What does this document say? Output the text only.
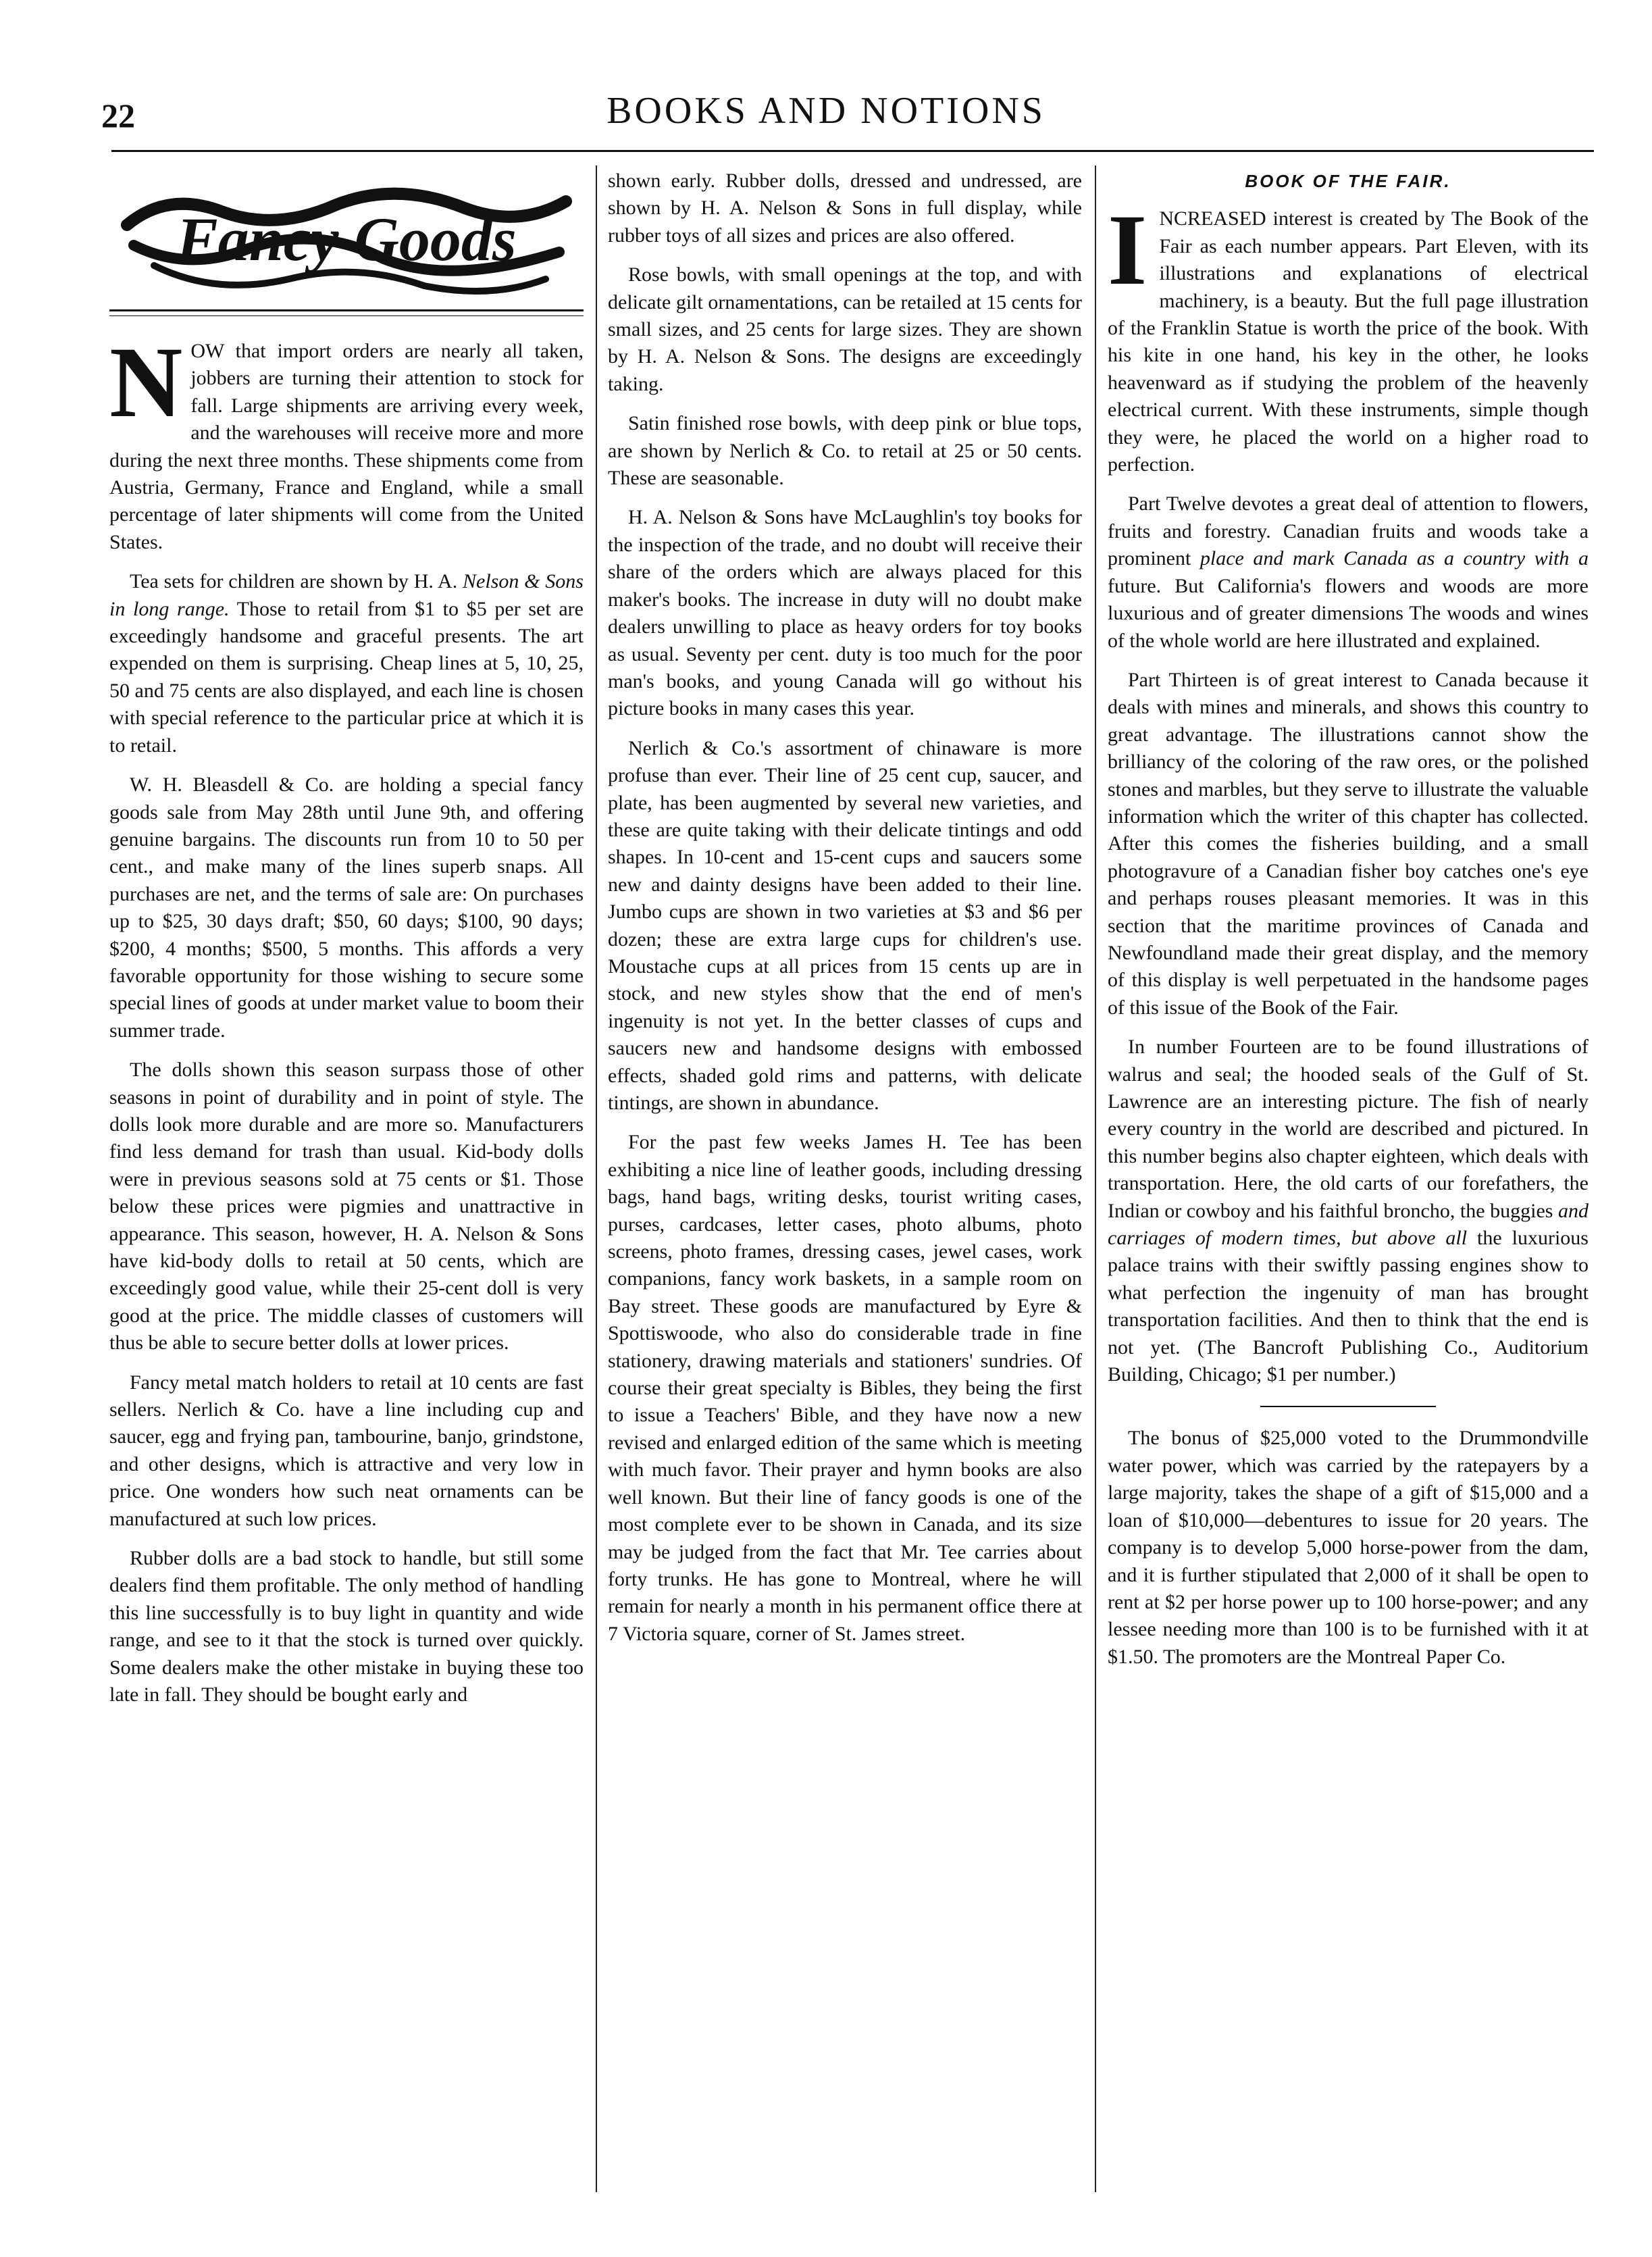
22	BOOKS AND NOTIONS
Fancy Goods

NOW that import orders are nearly all taken, jobbers are turning their attention to stock for fall. Large shipments are arriving every week, and the warehouses will receive more and more during the next three months. These shipments come from Austria, Germany, France and England, while a small percentage of later shipments will come from the United States.

Tea sets for children are shown by H. A. Nelson & Sons in long range. Those to retail from $1 to $5 per set are exceedingly handsome and graceful presents. The art expended on them is surprising. Cheap lines at 5, 10, 25, 50 and 75 cents are also displayed, and each line is chosen with special reference to the particular price at which it is to retail.

W. H. Bleasdell & Co. are holding a special fancy goods sale from May 28th until June 9th, and offering genuine bargains. The discounts run from 10 to 50 per cent., and make many of the lines superb snaps. All purchases are net, and the terms of sale are: On purchases up to $25, 30 days draft; $50, 60 days; $100, 90 days; $200, 4 months; $500, 5 months. This affords a very favorable opportunity for those wishing to secure some special lines of goods at under market value to boom their summer trade.

The dolls shown this season surpass those of other seasons in point of durability and in point of style. The dolls look more durable and are more so. Manufacturers find less demand for trash than usual. Kid-body dolls were in previous seasons sold at 75 cents or $1. Those below these prices were pigmies and unattractive in appearance. This season, however, H. A. Nelson & Sons have kid-body dolls to retail at 50 cents, which are exceedingly good value, while their 25-cent doll is very good at the price. The middle classes of customers will thus be able to secure better dolls at lower prices.

Fancy metal match holders to retail at 10 cents are fast sellers. Nerlich & Co. have a line including cup and saucer, egg and frying pan, tambourine, banjo, grindstone, and other designs, which is attractive and very low in price. One wonders how such neat ornaments can be manufactured at such low prices.

Rubber dolls are a bad stock to handle, but still some dealers find them profitable. The only method of handling this line successfully is to buy light in quantity and wide range, and see to it that the stock is turned over quickly. Some dealers make the other mistake in buying these too late in fall. They should be bought early and

shown early. Rubber dolls, dressed and undressed, are shown by H. A. Nelson & Sons in full display, while rubber toys of all sizes and prices are also offered.

Rose bowls, with small openings at the top, and with delicate gilt ornamentations, can be retailed at 15 cents for small sizes, and 25 cents for large sizes. They are shown by H. A. Nelson & Sons. The designs are exceedingly taking.

Satin finished rose bowls, with deep pink or blue tops, are shown by Nerlich & Co. to retail at 25 or 50 cents. These are seasonable.

H. A. Nelson & Sons have McLaughlin's toy books for the inspection of the trade, and no doubt will receive their share of the orders which are always placed for this maker's books. The increase in duty will no doubt make dealers unwilling to place as heavy orders for toy books as usual. Seventy per cent. duty is too much for the poor man's books, and young Canada will go without his picture books in many cases this year.

Nerlich & Co.'s assortment of chinaware is more profuse than ever. Their line of 25 cent cup, saucer, and plate, has been augmented by several new varieties, and these are quite taking with their delicate tintings and odd shapes. In 10-cent and 15-cent cups and saucers some new and dainty designs have been added to their line. Jumbo cups are shown in two varieties at $3 and $6 per dozen; these are extra large cups for children's use. Moustache cups at all prices from 15 cents up are in stock, and new styles show that the end of men's ingenuity is not yet. In the better classes of cups and saucers new and handsome designs with embossed effects, shaded gold rims and patterns, with delicate tintings, are shown in abundance.

For the past few weeks James H. Tee has been exhibiting a nice line of leather goods, including dressing bags, hand bags, writing desks, tourist writing cases, purses, cardcases, letter cases, photo albums, photo screens, photo frames, dressing cases, jewel cases, work companions, fancy work baskets, in a sample room on Bay street. These goods are manufactured by Eyre & Spottiswoode, who also do considerable trade in fine stationery, drawing materials and stationers' sundries. Of course their great specialty is Bibles, they being the first to issue a Teachers' Bible, and they have now a new revised and enlarged edition of the same which is meeting with much favor. Their prayer and hymn books are also well known. But their line of fancy goods is one of the most complete ever to be shown in Canada, and its size may be judged from the fact that Mr. Tee carries about forty trunks. He has gone to Montreal, where he will remain for nearly a month in his permanent office there at 7 Victoria square, corner of St. James street.

BOOK OF THE FAIR.

INCREASED interest is created by The Book of the Fair as each number appears. Part Eleven, with its illustrations and explanations of electrical machinery, is a beauty. But the full page illustration of the Franklin Statue is worth the price of the book. With his kite in one hand, his key in the other, he looks heavenward as if studying the problem of the heavenly electrical current. With these instruments, simple though they were, he placed the world on a higher road to perfection.

Part Twelve devotes a great deal of attention to flowers, fruits and forestry. Canadian fruits and woods take a prominent place and mark Canada as a country with a future. But California's flowers and woods are more luxurious and of greater dimensions The woods and wines of the whole world are here illustrated and explained.

Part Thirteen is of great interest to Canada because it deals with mines and minerals, and shows this country to great advantage. The illustrations cannot show the brilliancy of the coloring of the raw ores, or the polished stones and marbles, but they serve to illustrate the valuable information which the writer of this chapter has collected. After this comes the fisheries building, and a small photogravure of a Canadian fisher boy catches one's eye and perhaps rouses pleasant memories. It was in this section that the maritime provinces of Canada and Newfoundland made their great display, and the memory of this display is well perpetuated in the handsome pages of this issue of the Book of the Fair.

In number Fourteen are to be found illustrations of walrus and seal; the hooded seals of the Gulf of St. Lawrence are an interesting picture. The fish of nearly every country in the world are described and pictured. In this number begins also chapter eighteen, which deals with transportation. Here, the old carts of our forefathers, the Indian or cowboy and his faithful broncho, the buggies and carriages of modern times, but above all the luxurious palace trains with their swiftly passing engines show to what perfection the ingenuity of man has brought transportation facilities. And then to think that the end is not yet. (The Bancroft Publishing Co., Auditorium Building, Chicago; $1 per number.)

The bonus of $25,000 voted to the Drummondville water power, which was carried by the ratepayers by a large majority, takes the shape of a gift of $15,000 and a loan of $10,000—debentures to issue for 20 years. The company is to develop 5,000 horse-power from the dam, and it is further stipulated that 2,000 of it shall be open to rent at $2 per horse power up to 100 horse-power; and any lessee needing more than 100 is to be furnished with it at $1.50. The promoters are the Montreal Paper Co.
